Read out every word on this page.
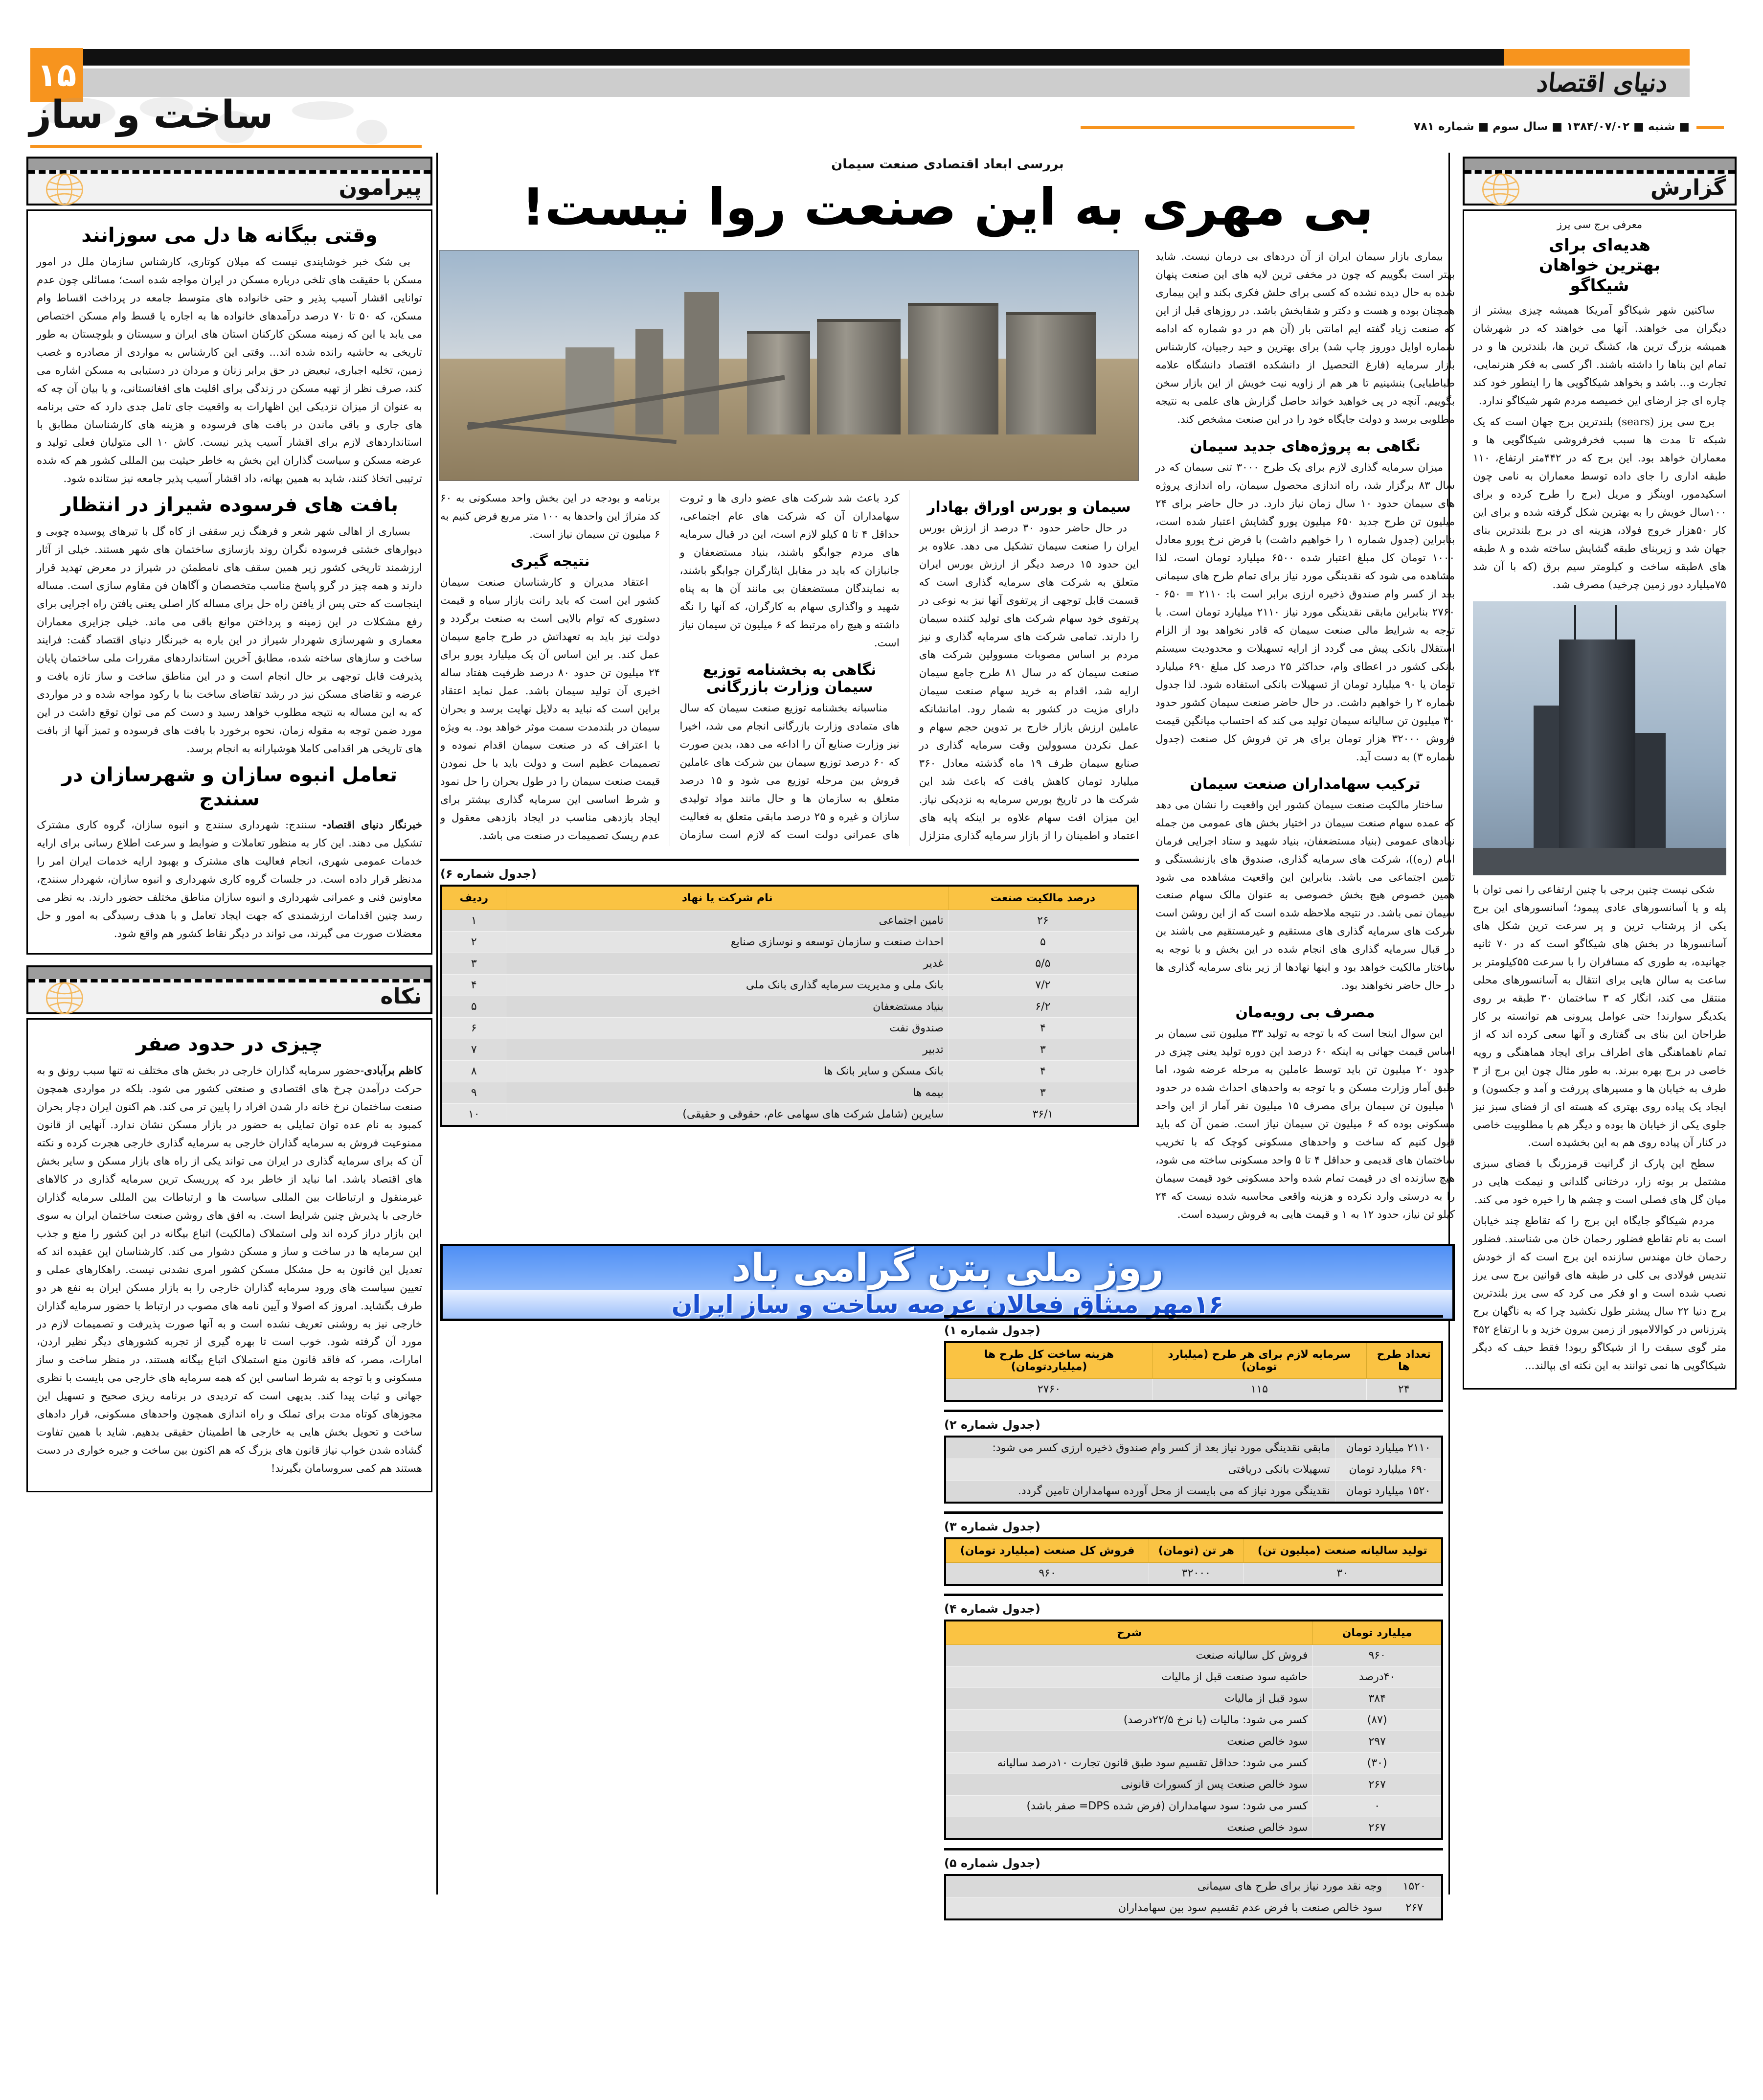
۱۵
ساخت و ساز
دنیای اقتصاد
■ شنبه ■ ۱۳۸۴/۰۷/۰۲ ■ سال سوم ■ شماره ۷۸۱
پیرامون
وقتی بیگانه ها دل می سوزانند

بی شک خبر خوشایندی نیست که میلان کوتاری، کارشناس سازمان ملل در امور مسکن با حقیقت های تلخی درباره مسکن در ایران مواجه شده است؛ مسائلی چون عدم توانایی اقشار آسیب پذیر و حتی خانواده های متوسط جامعه در پرداخت اقساط وام مسکن، که ۵۰ تا ۷۰ درصد درآمدهای خانواده ها به اجاره یا قسط وام مسکن اختصاص می یابد یا این که زمینه مسکن کارکنان استان های ایران و سیستان و بلوچستان به طور تاریخی به حاشیه رانده شده اند... وقتی این کارشناس به مواردی از مصادره و غصب زمین، تخلیه اجباری، تبعیض در حق برابر زنان و مردان در دستیابی به مسکن اشاره می کند، صرف نظر از تهیه مسکن در زندگی برای اقلیت های افغانستانی، و یا بیان آن چه که به عنوان از میزان نزدیکی این اظهارات به واقعیت جای تامل جدی دارد که حتی برنامه های جاری و باقی ماندن در بافت های فرسوده و هزینه های کارشناسان مطابق با استانداردهای لازم برای اقشار آسیب پذیر نیست. کاش ۱۰ الی متولیان فعلی تولید و عرضه مسکن و سیاست گذاران این بخش به خاطر حیثیت بین المللی کشور هم که شده ترتیبی اتخاذ کنند، شاید به همین بهانه، داد اقشار آسیب پذیر جامعه نیز ستانده شود.

بافت های فرسوده شیراز در انتظار

بسیاری از اهالی شهر شعر و فرهنگ زیر سقفی از کاه گل با تیرهای پوسیده چوبی و دیوارهای خشتی فرسوده نگران روند بازسازی ساختمان های شهر هستند. خیلی از آثار ارزشمند تاریخی کشور زیر همین سقف های نامطمئن در شیراز در معرض تهدید قرار دارند و همه چیز در گرو پاسخ مناسب متخصصان و آگاهان فن مقاوم سازی است. مساله اینجاست که حتی پس از یافتن راه حل برای مساله کار اصلی یعنی یافتن راه اجرایی برای رفع مشکلات در این زمینه و پرداختن موانع باقی می ماند. خیلی جزایری معماران معماری و شهرسازی شهردار شیراز در این باره به خبرنگار دنیای اقتصاد گفت: فرایند ساخت و سازهای ساخته شده، مطابق آخرین استانداردهای مقررات ملی ساختمان پایان پذیرفت قابل توجهی بر حال انجام است و در این مناطق ساخت و ساز تازه بافت و عرضه و تقاضای مسکن نیز در رشد تقاضای ساخت بنا با رکود مواجه شده و در مواردی که به این مساله به نتیجه مطلوب خواهد رسید و دست کم می توان توقع داشت در این مورد ضمن توجه به مقوله زمان، نحوه برخورد با بافت های فرسوده و تمیز آنها از بافت های تاریخی هر اقدامی کاملا هوشیارانه به انجام برسد.

تعامل انبوه سازان و شهرسازان در سنندج

خبرنگار دنیای اقتصاد-

سنندج: شهرداری سنندج و انبوه سازان، گروه کاری مشترک تشکیل می دهند. این کار به منظور تعاملات و ضوابط و سرعت اطلاع رسانی برای ارایه خدمات عمومی شهری، انجام فعالیت های مشترک و بهبود ارایه خدمات ایران امر را مدنظر قرار داده است. در جلسات گروه کاری شهرداری و انبوه سازان، شهردار سنندج، معاونین فنی و عمرانی شهرداری و انبوه سازان مناطق مختلف حضور دارند. به نظر می رسد چنین اقدامات ارزشمندی که جهت ایجاد تعامل و با هدف رسیدگی به امور و حل معضلات صورت می گیرند، می تواند در دیگر نقاط کشور هم واقع شود.

نکاه
چیزی در حدود صفر

کاظم برآبادی-حضور سرمایه گذاران خارجی در بخش های مختلف نه تنها سبب رونق و به حرکت درآمدن چرخ های اقتصادی و صنعتی کشور می شود. بلکه در مواردی همچون صنعت ساختمان نرخ خانه دار شدن افراد را پایین تر می کند. هم اکنون ایران دچار بحران کمبود به نام عده توان تمایلی به حضور در بازار مسکن نشان ندارد. آنهایی از قانون ممنوعیت فروش به سرمایه گذاران خارجی به سرمایه گذاری خارجی هجرت کرده و نکته آن که برای سرمایه گذاری در ایران می تواند یکی از راه های بازار مسکن و سایر بخش های اقتصاد باشد. اما نباید از خاطر برد که پرریسک ترین سرمایه گذاری در کالاهای غیرمنقول و ارتباطات بین المللی سیاست ها و ارتباطات بین المللی سرمایه گذاران خارجی با پذیرش چنین شرایط است. به افق های روشن صنعت ساختمان ایران به سوی این بازار دراز کرده اند ولی استملاک (مالکیت) اتباع بیگانه در این کشور را منع و جذب این سرمایه ها در ساخت و ساز و مسکن دشوار می کند. کارشناسان این عقیده اند که تعدیل این قانون به حل مشکل مسکن کشور امری نشدنی نیست. راهکارهای عملی و تعیین سیاست های ورود سرمایه گذاران خارجی را به بازار مسکن ایران به نفع هر دو طرف بگشاید. امروز که اصولا و آیین نامه های مصوب در ارتباط با حضور سرمایه گذاران خارجی نیز به روشنی تعریف نشده است و به آنها صورت پذیرفت و تصمیمات لازم در مورد آن گرفته شود. خوب است تا بهره گیری از تجربه کشورهای دیگر نظیر اردن، امارات، مصر، که فاقد قانون منع استملاک اتباع بیگانه هستند، در منظر ساخت و ساز مسکونی و با توجه به شرط اساسی این که همه سرمایه های خارجی می بایست با نظری جهانی و ثبات پیدا کند. بدیهی است که تردیدی در برنامه ریزی صحیح و تسهیل این مجوزهای کوتاه مدت برای تملک و راه اندازی همچون واحدهای مسکونی، قرار دادهای ساخت و تحویل بخش هایی به خارجی ها اطمینان حقیقی بدهیم. شاید با همین تفاوت گشاده شدن خواب نیاز قانون های بزرگ که هم اکنون بین ساخت و جیره خواری در دست هستند هم کمی سروسامان بگیرند!

بررسی ابعاد اقتصادی صنعت سیمان
بی مهری به این صنعت روا نیست!

بیماری بازار سیمان ایران از آن دردهای بی درمان نیست. شاید بهتر است بگوییم که چون در مخفی ترین لایه های این صنعت پنهان شده به حال دیده نشده که کسی برای حلش فکری بکند و این بیماری همچنان بوده و هست و دکتر و شفابخش باشد. در روزهای قبل از این که صنعت زیاد گفته ایم امانتی بار (آن هم در دو شماره که ادامه شماره اوایل دوروز چاپ شد) برای بهترین و حید رجبیان، کارشناس بازار سرمایه (فارغ التحصیل از دانشکده اقتصاد دانشگاه علامه طباطبایی) بنشینیم تا هر هم از زاویه نیت خویش از این بازار سخن بگوییم. آنچه در پی خواهید خواند حاصل گزارش های علمی به نتیجه مطلوبی برسد و دولت جایگاه خود را در این صنعت مشخص کند.

نگاهی به پروژه‌های جدید سیمان

میزان سرمایه گذاری لازم برای یک طرح ۳۰۰۰ تنی سیمان که در سال ۸۳ برگزار شد، راه اندازی محصول سیمان، راه اندازی پروژه های سیمان حدود ۱۰ سال زمان نیاز دارد. در حال حاضر برای ۲۴ میلیون تن طرح جدید ۶۵۰ میلیون یورو گشایش اعتبار شده است، بنابراین (جدول شماره ۱ را خواهیم داشت) با فرض نرخ یورو معادل ۱۰۰۰ تومان کل مبلغ اعتبار شده ۶۵۰۰ میلیارد تومان است، لذا مشاهده می شود که نقدینگی مورد نیاز برای تمام طرح های سیمانی بعد از کسر وام صندوق ذخیره ارزی برابر است با: ۲۱۱۰ = ۶۵۰ - ۲۷۶۰ بنابراین مابقی نقدینگی مورد نیاز ۲۱۱۰ میلیارد تومان است. با توجه به شرایط مالی صنعت سیمان که قادر نخواهد بود از الزام استقلال بانکی پیش می گردد از ارایه تسهیلات و محدودیت سیستم بانکی کشور در اعطای وام، حداکثر ۲۵ درصد کل مبلغ ۶۹۰ میلیارد تومان یا ۹۰ میلیارد تومان از تسهیلات بانکی استفاده شود. لذا جدول شماره ۲ را خواهیم داشت. در حال حاضر صنعت سیمان کشور حدود ۳۰ میلیون تن سالیانه سیمان تولید می کند که احتساب میانگین قیمت فروش ۳۲۰۰۰ هزار تومان برای هر تن فروش کل صنعت (جدول شماره ۳) به دست آید.

ترکیب سهامداران صنعت سیمان

ساختار مالکیت صنعت سیمان کشور این واقعیت را نشان می دهد که عمده سهام صنعت سیمان در اختیار بخش های عمومی من جمله نهادهای عمومی (بنیاد مستضعفان، بنیاد شهید و ستاد اجرایی فرمان امام (ره))، شرکت های سرمایه گذاری، صندوق های بازنشستگی و تامین اجتماعی می باشد. بنابراین این واقعیت مشاهده می شود همین خصوص هیچ بخش خصوصی به عنوان مالک سهام صنعت سیمان نمی باشد. در نتیجه ملاحظه شده است که از این روشن است شرکت های سرمایه گذاری های مستقیم و غیرمستقیم می باشند بن در قبال سرمایه گذاری های انجام شده در این بخش و با توجه به ساختار مالکیت خواهد بود و اینها نهادها از زیر بنای سرمایه گذاری ها در حال حاضر نخواهند بود.

مصرف بی رویه‌مان

این سوال اینجا است که با توجه به تولید ۳۳ میلیون تنی سیمان بر اساس قیمت جهانی به اینکه ۶۰ درصد این دوره تولید یعنی چیزی در حدود ۲۰ میلیون تن باید توسط عاملین به مرحله عرضه شود، اما طبق آمار وزارت مسکن و با توجه به واحدهای احداث شده در حدود ۱ میلیون تن سیمان برای مصرف ۱۵ میلیون نفر آمار از این واحد مسکونی بوده که ۶ میلیون تن سیمان نیاز است. ضمن آن که باید قبول کنیم که ساخت و واحدهای مسکونی کوچک که با تخریب ساختمان های قدیمی و حداقل ۴ تا ۵ واحد مسکونی ساخته می شود، هیچ سازنده ای در قیمت تمام شده واحد مسکونی خود قیمت سیمان را به درستی وارد نکرده و هزینه واقعی محاسبه شده نیست که ۲۴ کیلو تن نیاز، حدود ۱۲ به ۱ و قیمت هایی به فروش رسیده است.

سیمان و بورس اوراق بهادار

در حال حاضر حدود ۳۰ درصد از ارزش بورس ایران را صنعت سیمان تشکیل می دهد. علاوه بر این حدود ۱۵ درصد دیگر از ارزش بورس ایران متعلق به شرکت های سرمایه گذاری است که قسمت قابل توجهی از پرتفوی آنها نیز به نوعی در پرتفوی خود سهام شرکت های تولید کننده سیمان را دارند. تمامی شرکت های سرمایه گذاری و نیز مردم بر اساس مصوبات مسوولین شرکت های صنعت سیمان که در سال ۸۱ طرح جامع سیمان ارایه شد، اقدام به خرید سهام صنعت سیمان دارای مزیت در کشور به شمار رود. امانشانکه عاملین ارزش بازار خارج بر تدوین حجم سهام و عمل نکردن مسوولین وقت سرمایه گذاری در صنایع سیمان ظرف ۱۹ ماه گذشته معادل ۳۶۰ میلیارد تومان کاهش یافت که باعث شد این شرکت ها در تاریخ بورس سرمایه به نزدیکی نیاز. این میزان افت سهام علاوه بر اینکه پایه های اعتماد و اطمینان را از بازار سرمایه گذاری متزلزل کرد باعث شد شرکت های عضو داری ها و ثروت سهامداران آن که شرکت های عام اجتماعی، حداقل ۴ تا ۵ کیلو لازم است، این در قبال سرمایه های مردم جوابگو باشند، بنیاد مستضعفان و جانبازان که باید در مقابل ایثارگران جوابگو باشند، به نمایندگان مستضعفان بی مانند آن ها به پناه شهید و واگذاری سهام به کارگران، که آنها را نگه داشته و هیچ راه مرتبط که ۶ میلیون تن سیمان نیاز است.

نگاهی به بخشنامه توزیع سیمان وزارت بازرگانی

مناسبانه بخشنامه توزیع صنعت سیمان که سال های متمادی وزارت بازرگانی انجام می شد، اخیرا نیز وزارت صنایع آن را اداعه می دهد، بدین صورت که ۶۰ درصد توزیع سیمان بین شرکت های عاملین فروش بین مرحله توزیع می شود و ۱۵ درصد متعلق به سازمان ها و حال مانند مواد تولیدی سازان و غیره و ۲۵ درصد مابقی متعلق به فعالیت های عمرانی دولت است که لازم است سازمان برنامه و بودجه در این بخش واحد مسکونی به ۶۰ کد متراژ این واحدها به ۱۰۰ متر مربع فرض کنیم به ۶ میلیون تن سیمان نیاز است.

نتیجه گیری

اعتقاد مدیران و کارشناسان صنعت سیمان کشور این است که باید رانت بازار سیاه و قیمت دستوری که توام بالایی است به صنعت برگردد و دولت نیز باید به تعهداتش در طرح جامع سیمان عمل کند. بر این اساس آن یک میلیارد یورو برای ۲۴ میلیون تن حدود ۸۰ درصد ظرفیت هفتاد ساله اخیری آن تولید سیمان باشد. عمل نماید اعتقاد براین است که نباید به دلایل نهایت برسد و بحران سیمان در بلندمدت سمت موثر خواهد بود. به ویژه با اعتراف که در صنعت سیمان اقدام نموده و تصمیمات عظیم است و دولت باید با حل نمودن قیمت صنعت سیمان را در طول بحران را حل نمود و شرط اساسی این سرمایه گذاری بیشتر برای ایجاد بازدهی مناسب در ایجاد بازدهی معقول و عدم ریسک تصمیمات در صنعت می باشد.

(جدول شماره ۶)
درصد مالکیت صنعت	نام شرکت یا نهاد	ردیف
۲۶	تامین اجتماعی	۱
۵	احداث صنعت و سازمان توسعه و نوسازی صنایع	۲
۵/۵	غدیر	۳
۷/۲	بانک ملی و مدیریت سرمایه گذاری بانک ملی	۴
۶/۲	بنیاد مستضعفان	۵
۴	صندوق نفت	۶
۳	تدبیر	۷
۴	بانک مسکن و سایر بانک ها	۸
۳	بیمه ها	۹
۳۶/۱	سایرین (شامل شرکت های سهامی عام، حقوقی و حقیقی)	۱۰
روز ملی بتن گرامی باد
۱۶مهر میثاق فعالان عرصه ساخت و ساز ایران
(جدول شماره ۱)
تعداد طرح ها	سرمایه لازم برای هر طرح (میلیارد تومان)	هزینه ساخت کل طرح ها (میلیاردتومان)
۲۴	۱۱۵	۲۷۶۰
(جدول شماره ۲)
۲۱۱۰ میلیارد تومان	مابقی نقدینگی مورد نیاز بعد از کسر وام صندوق ذخیره ارزی کسر می شود:
۶۹۰ میلیارد تومان	تسهیلات بانکی دریافتی
۱۵۲۰ میلیارد تومان	نقدینگی مورد نیاز که می بایست از محل آورده سهامداران تامین گردد.
(جدول شماره ۳)
تولید سالیانه صنعت (میلیون تن)	هر تن (تومان)	فروش کل صنعت (میلیارد تومان)
۳۰	۳۲۰۰۰	۹۶۰
(جدول شماره ۴)
میلیارد تومان	شرح
۹۶۰	فروش کل سالیانه صنعت
۴۰درصد	حاشیه سود صنعت قبل از مالیات
۳۸۴	سود قبل از مالیات
(۸۷)	کسر می شود: مالیات (با نرخ ۲۲/۵درصد)
۲۹۷	سود خالص صنعت
(۳۰)	کسر می شود: حداقل تقسیم سود طبق قانون تجارت ۱۰درصد سالیانه
۲۶۷	سود خالص صنعت پس از کسورات قانونی
۰	کسر می شود: سود سهامداران (فرض شده DPS= صفر باشد)
۲۶۷	سود خالص صنعت
(جدول شماره ۵)
۱۵۲۰	وجه نقد مورد نیاز برای طرح های سیمانی
۲۶۷	سود خالص صنعت با فرض عدم تقسیم سود بین سهامداران
گزارش
معرفی برج سی یرز
هدیه‌ای برای
بهترین خواهان
شیکاگو

ساکنین شهر شیکاگو آمریکا همیشه چیزی بیشتر از دیگران می خواهند. آنها می خواهند که در شهرشان همیشه بزرگ ترین ها، کشنگ ترین ها، بلندترین ها و در تمام این بناها را داشته باشند. اگر کسی به فکر هنرنمایی، تجارت و... باشد و بخواهد شیکاگویی ها را اینطور خود کند چاره ای جز ارضای این خصیصه مردم شهر شیکاگو ندارد.

برج سی یرز (sears) بلندترین برج جهان است که یک شبکه تا مدت ها سبب فخرفروشی شیکاگویی ها و معماران خواهد بود. این برج که در ۴۴۲متر ارتفاع، ۱۱۰ طبقه اداری را جای داده توسط معماران به نامی چون اسکیدمور، اوینگز و مریل (برج را طرح کرده و برای ۱۰۰سال خویش را به بهترین شکل گرفته شده و برای این کار ۵۰هزار خروج فولاد، هزینه ای در برج بلندترین بنای جهان شد و زیربنای طبقه گشایش ساخته شده و ۸ طبقه های ۸طبقه ساخت و کیلومتر سیم برق (که با آن شد ۷۵میلیارد دور زمین چرخید) مصرف شد.

شکی نیست چنین برجی با چنین ارتفاعی را نمی توان با پله و یا آسانسورهای عادی پیمود؛ آسانسورهای این برج یکی از پرشتاب ترین و پر سرعت ترین شکل های آسانسورها در بخش های شیکاگو است که در ۷۰ ثانیه جهانیده، به طوری که مسافران را با سرعت ۵۵کیلومتر بر ساعت به سالن هایی برای انتقال به آسانسورهای محلی منتقل می کند، انگار که ۳ ساختمان ۳۰ طبقه بر روی یکدیگر سوارند! حتی عوامل پیرونی هم توانسته بر کار طراحان این بنای بی گفتاری و آنها سعی کرده اند که از تمام ناهماهنگی های اطراف برای ایجاد هماهنگی و رویه خاصی در برج بهره ببرند. به طور مثال چون این برج از ۳ طرف به خیابان ها و مسیرهای پررفت و آمد و جکسون) و ایجاد یک پیاده روی بهتری که هسته ای از فضای سبز نیز جلوی یکی از خیابان ها بوده و دیگر هم با مطلوبیت خاصی در کنار آن پیاده روی هم به این بخشیده است.

سطح این پارک از گرانیت قرمزرنگ با فضای سبزی مشتمل بر بوته زار، درختانی گلدانی و نیمکت هایی در میان گل های فصلی است و چشم ها را خیره خود می کند.

مردم شیکاگو جایگاه این برج را که تقاطع چند خیابان است به نام تقاطع فضلور رحمان خان می شناسند. فضلور رحمان خان مهندس سازنده این برج است که از خودش تندیس فولادی بی کلی در طبقه های قوانین برج سی یرز نصب شده است و او فکر می کرد که سی یرز بلندترین برج دنیا ۲۲ سال پیشتر طول نکشید چرا که به ناگهان برج پترزناس در کوالالامپور از زمین بیرون خزید و با ارتفاع ۴۵۲ متر گوی سبقت را از شیکاگو ربود! فقط حیف که دیگر شیکاگویی ها نمی توانند به این نکته ای بپالند...
